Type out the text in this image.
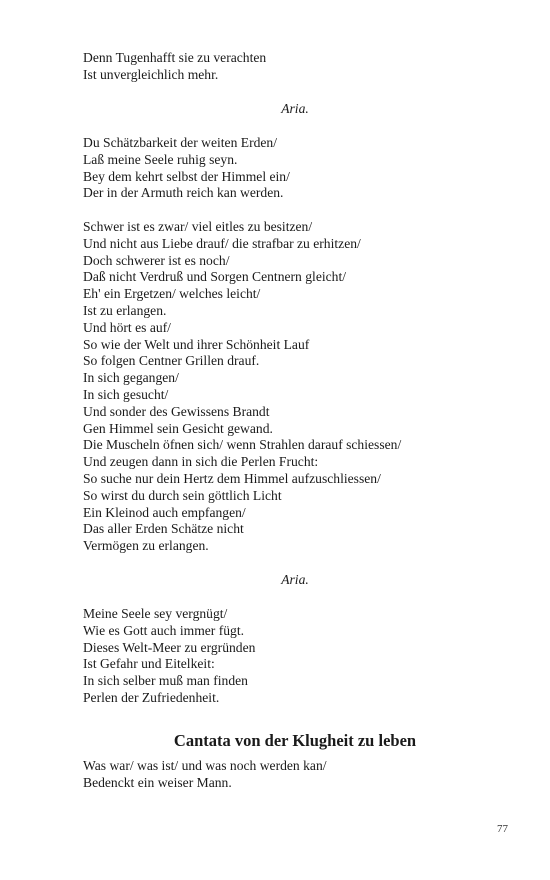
Denn Tugenhafft sie zu verachten
Ist unvergleichlich mehr.
Aria.
Du Schätzbarkeit der weiten Erden/
Laß meine Seele ruhig seyn.
Bey dem kehrt selbst der Himmel ein/
Der in der Armuth reich kan werden.
Schwer ist es zwar/ viel eitles zu besitzen/
Und nicht aus Liebe drauf/ die strafbar zu erhitzen/
Doch schwerer ist es noch/
Daß nicht Verdruß und Sorgen Centnern gleicht/
Eh' ein Ergetzen/ welches leicht/
Ist zu erlangen.
Und hört es auf/
So wie der Welt und ihrer Schönheit Lauf
So folgen Centner Grillen drauf.
In sich gegangen/
In sich gesucht/
Und sonder des Gewissens Brandt
Gen Himmel sein Gesicht gewand.
Die Muscheln öfnen sich/ wenn Strahlen darauf schiessen/
Und zeugen dann in sich die Perlen Frucht:
So suche nur dein Hertz dem Himmel aufzuschliessen/
So wirst du durch sein göttlich Licht
Ein Kleinod auch empfangen/
Das aller Erden Schätze nicht
Vermögen zu erlangen.
Aria.
Meine Seele sey vergnügt/
Wie es Gott auch immer fügt.
Dieses Welt-Meer zu ergründen
Ist Gefahr und Eitelkeit:
In sich selber muß man finden
Perlen der Zufriedenheit.
Cantata von der Klugheit zu leben
Was war/ was ist/ und was noch werden kan/
Bedenckt ein weiser Mann.
77
